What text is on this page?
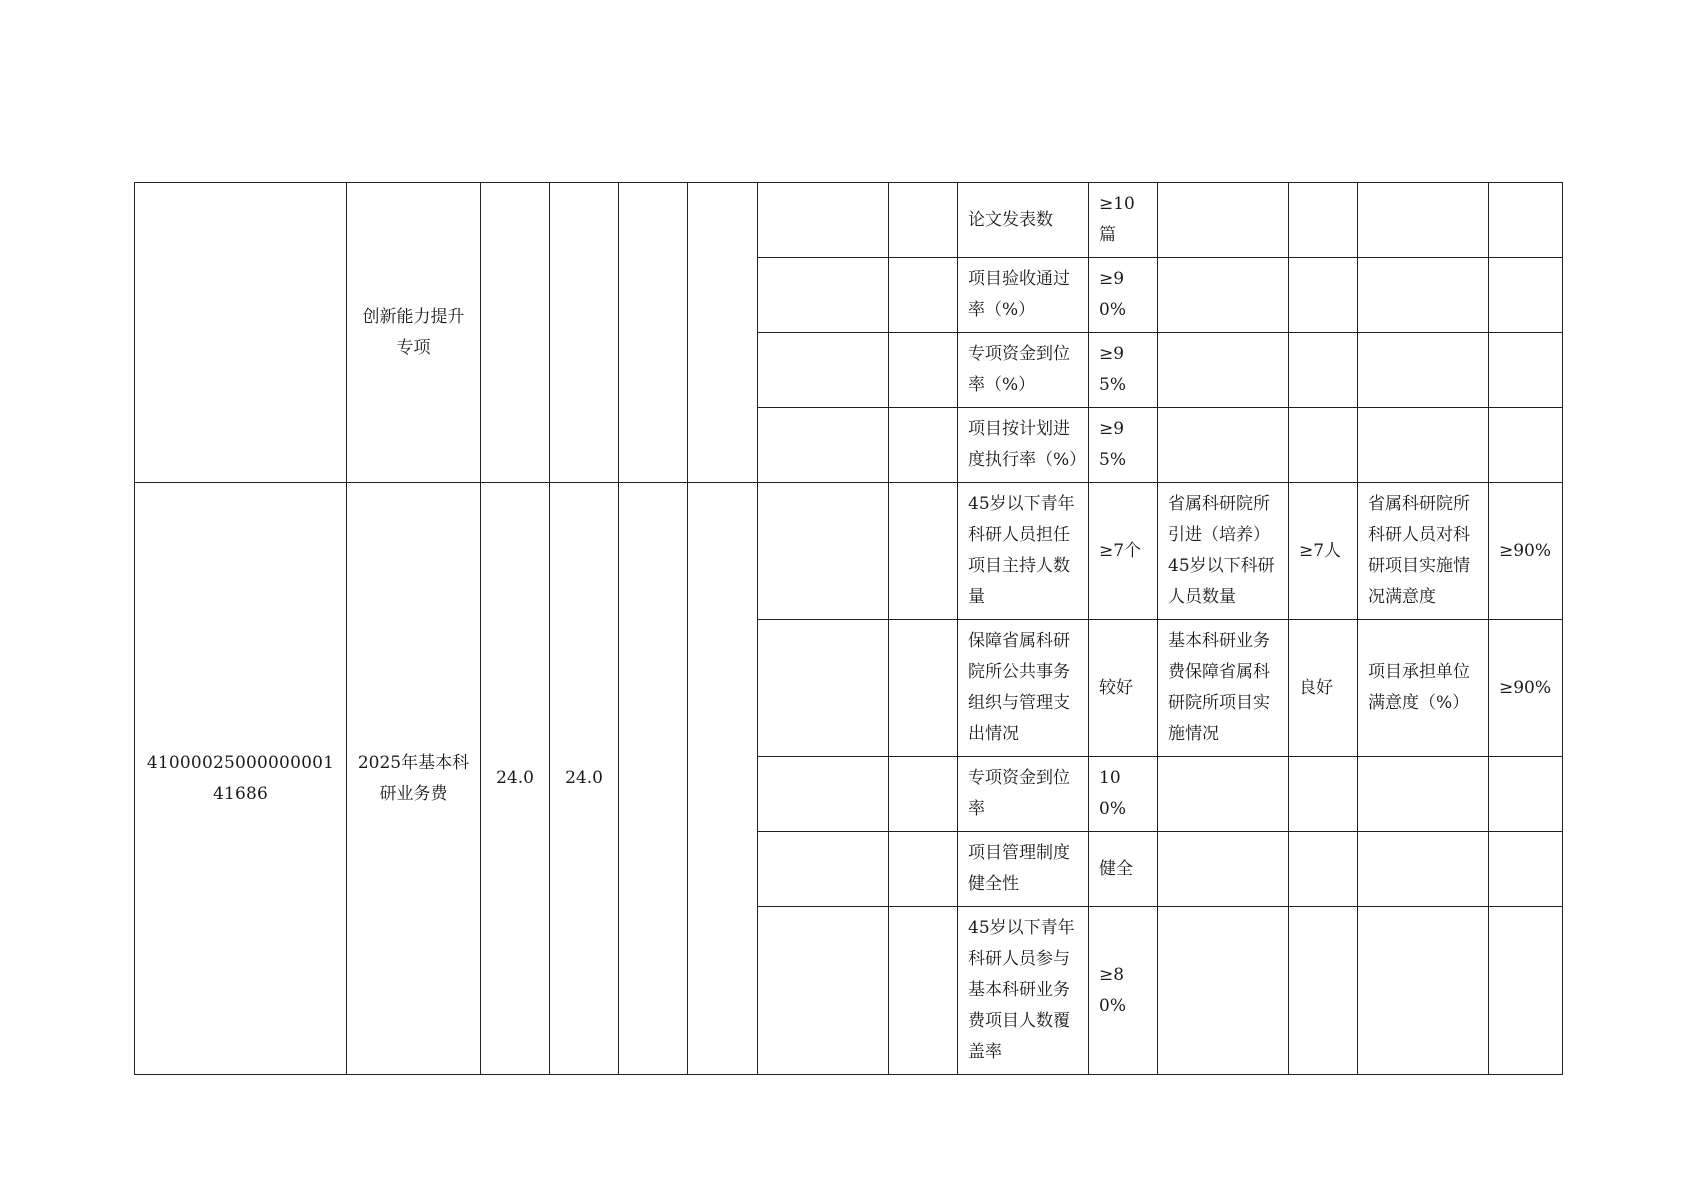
	创新能力提升专项							论文发表数	≥10篇				
								项目验收通过率（%）	≥90%				
								专项资金到位率（%）	≥95%				
								项目按计划进度执行率（%）	≥95%				
4100002500000000141686	2025年基本科研业务费	24.0	24.0					45岁以下青年科研人员担任项目主持人数量	≥7个	省属科研院所引进（培养）45岁以下科研人员数量	≥7人	省属科研院所科研人员对科研项目实施情况满意度	≥90%
								保障省属科研院所公共事务组织与管理支出情况	较好	基本科研业务费保障省属科研院所项目实施情况	良好	项目承担单位满意度（%）	≥90%
								专项资金到位率	100%				
								项目管理制度健全性	健全				
								45岁以下青年科研人员参与基本科研业务费项目人数覆盖率	≥80%				
